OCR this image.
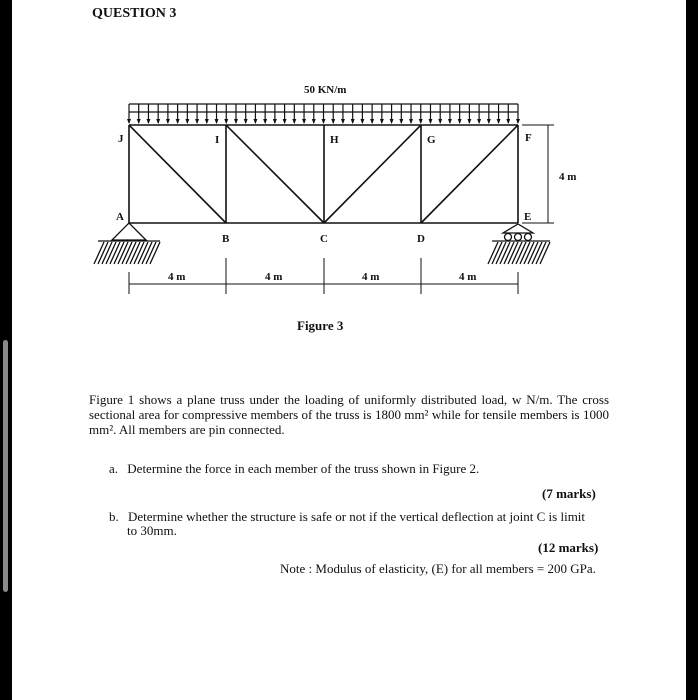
QUESTION 3
50 KN/m
J	I	H	G	F
A
B	C	D
E
4 m
4 m	4 m	4 m	4 m
Figure 3
Figure 1 shows a plane truss under the loading of uniformly distributed load, w N/m. The cross sectional area for compressive members of the truss is 1800 mm² while for tensile members is 1000 mm². All members are pin connected.
a. Determine the force in each member of the truss shown in Figure 2.
(7 marks)
b. Determine whether the structure is safe or not if the vertical deflection at joint C is limit
to 30mm.
(12 marks)
Note : Modulus of elasticity, (E) for all members = 200 GPa.
